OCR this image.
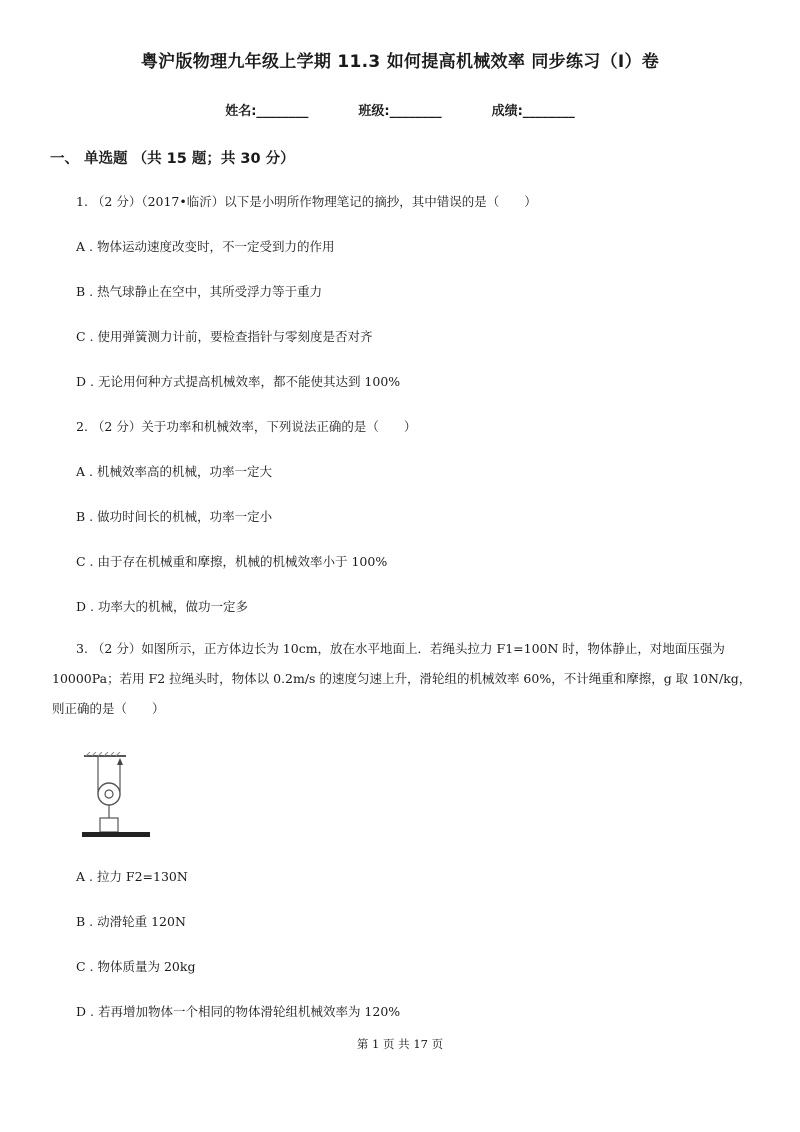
粤沪版物理九年级上学期 11.3 如何提高机械效率 同步练习（I）卷
姓名:________	班级:________	成绩:________
一、 单选题 （共 15 题；共 30 分）
1. （2 分）（2017•临沂）以下是小明所作物理笔记的摘抄，其中错误的是（　　）
A . 物体运动速度改变时，不一定受到力的作用
B . 热气球静止在空中，其所受浮力等于重力
C . 使用弹簧测力计前，要检查指针与零刻度是否对齐
D . 无论用何种方式提高机械效率，都不能使其达到 100%
2. （2 分）关于功率和机械效率，下列说法正确的是（　　）
A . 机械效率高的机械，功率一定大
B . 做功时间长的机械，功率一定小
C . 由于存在机械重和摩擦，机械的机械效率小于 100%
D . 功率大的机械，做功一定多
3. （2 分）如图所示，正方体边长为 10cm，放在水平地面上．若绳头拉力 F1=100N 时，物体静止，对地面压强为 10000Pa；若用 F2 拉绳头时，物体以 0.2m/s 的速度匀速上升，滑轮组的机械效率 60%，不计绳重和摩擦，g 取 10N/kg，则正确的是（　　）
A . 拉力 F2=130N
B . 动滑轮重 120N
C . 物体质量为 20kg
D . 若再增加物体一个相同的物体滑轮组机械效率为 120%
第 1 页 共 17 页
